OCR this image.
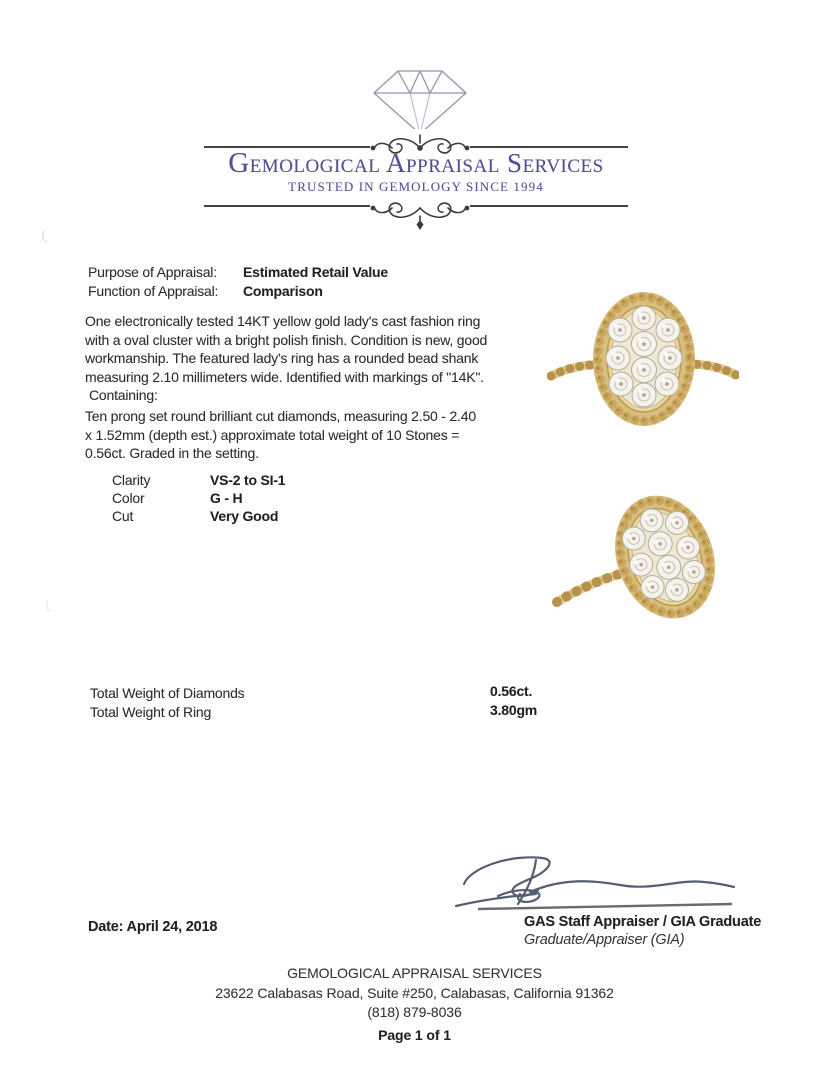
Gemological Appraisal Services
TRUSTED IN GEMOLOGY SINCE 1994
Purpose of Appraisal:	Estimated Retail Value
Function of Appraisal:	Comparison
One electronically tested 14KT yellow gold lady's cast fashion ring
with a oval cluster with a bright polish finish. Condition is new, good
workmanship. The featured lady's ring has a rounded bead shank
measuring 2.10 millimeters wide. Identified with markings of "14K".
Containing:
Ten prong set round brilliant cut diamonds, measuring 2.50 - 2.40
x 1.52mm (depth est.) approximate total weight of 10 Stones =
0.56ct. Graded in the setting.
Clarity	VS-2 to SI-1
Color	G - H
Cut	Very Good
Total Weight of Diamonds	0.56ct.
Total Weight of Ring	3.80gm
GAS Staff Appraiser / GIA Graduate
Graduate/Appraiser (GIA)
Date: April 24, 2018
GEMOLOGICAL APPRAISAL SERVICES
23622 Calabasas Road, Suite #250, Calabasas, California 91362
(818) 879-8036
Page 1 of 1
